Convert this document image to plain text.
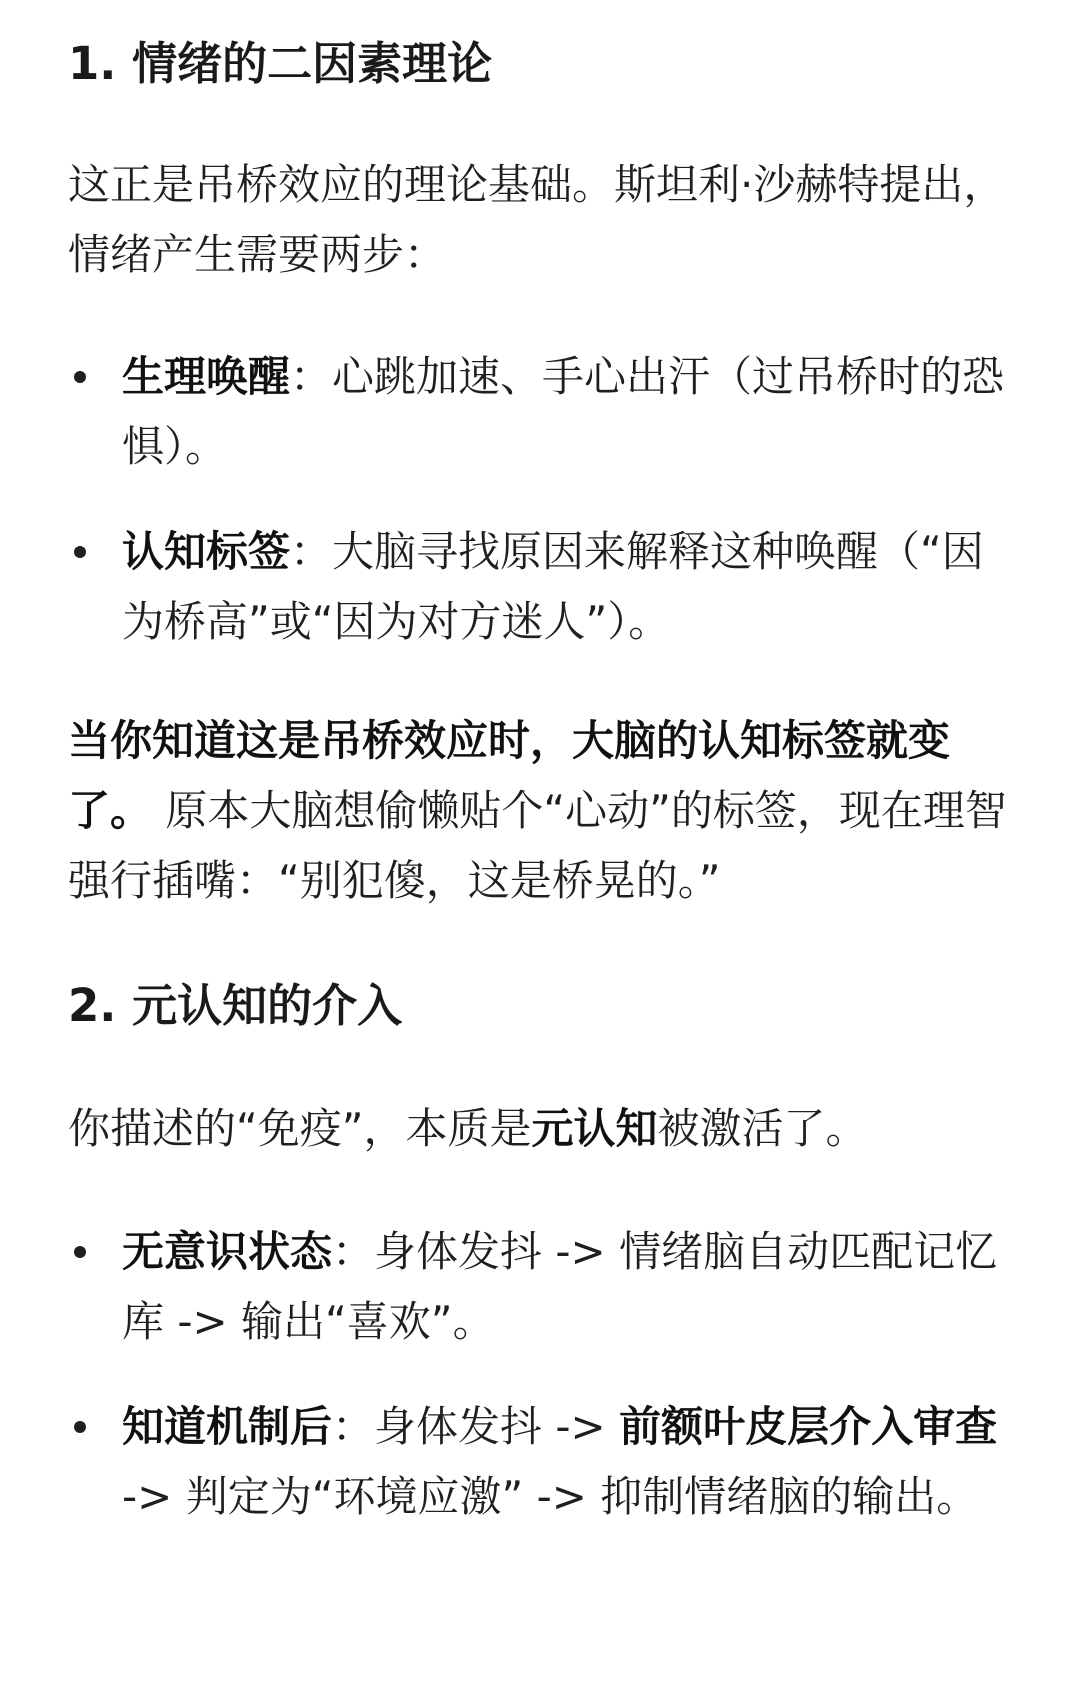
1. 情绪的二因素理论

这正是吊桥效应的理论基础。斯坦利·沙赫特提出，情绪产生需要两步：

生理唤醒：心跳加速、手心出汗（过吊桥时的恐惧）。
认知标签：大脑寻找原因来解释这种唤醒（“因为桥高”或“因为对方迷人”）。

当你知道这是吊桥效应时，大脑的认知标签就变了。 原本大脑想偷懒贴个“心动”的标签，现在理智强行插嘴：“别犯傻，这是桥晃的。”

2. 元认知的介入

你描述的“免疫”，本质是元认知被激活了。

无意识状态：身体发抖 -> 情绪脑自动匹配记忆库 -> 输出“喜欢”。
知道机制后：身体发抖 -> 前额叶皮层介入审查 -> 判定为“环境应激” -> 抑制情绪脑的输出。
